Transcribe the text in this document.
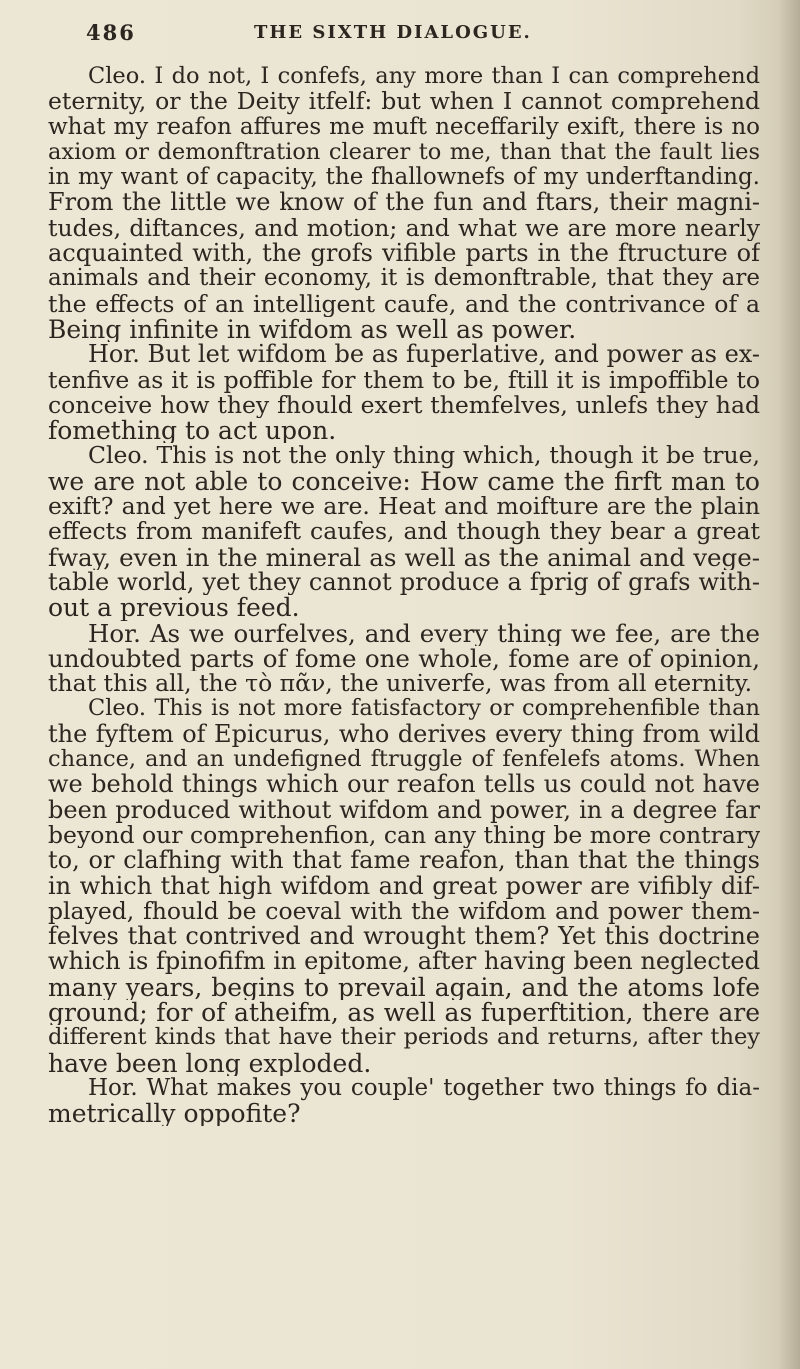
486	THE SIXTH DIALOGUE.
Cleo. I do not, I confefs, any more than I can comprehend
eternity, or the Deity itfelf: but when I cannot comprehend
what my reafon affures me muft neceffarily exift, there is no
axiom or demonftration clearer to me, than that the fault lies
in my want of capacity, the fhallownefs of my underftanding.
From the little we know of the fun and ftars, their magni-
tudes, diftances, and motion; and what we are more nearly
acquainted with, the grofs vifible parts in the ftructure of
animals and their economy, it is demonftrable, that they are
the effects of an intelligent caufe, and the contrivance of a
Being infinite in wifdom as well as power.
Hor. But let wifdom be as fuperlative, and power as ex-
tenfive as it is poffible for them to be, ftill it is impoffible to
conceive how they fhould exert themfelves, unlefs they had
fomething to act upon.
Cleo. This is not the only thing which, though it be true,
we are not able to conceive: How came the firft man to
exift? and yet here we are. Heat and moifture are the plain
effects from manifeft caufes, and though they bear a great
fway, even in the mineral as well as the animal and vege-
table world, yet they cannot produce a fprig of grafs with-
out a previous feed.
Hor. As we ourfelves, and every thing we fee, are the
undoubted parts of fome one whole, fome are of opinion,
that this all, the τὸ πᾶν, the univerfe, was from all eternity.
Cleo. This is not more fatisfactory or comprehenfible than
the fyftem of Epicurus, who derives every thing from wild
chance, and an undefigned ftruggle of fenfelefs atoms. When
we behold things which our reafon tells us could not have
been produced without wifdom and power, in a degree far
beyond our comprehenfion, can any thing be more contrary
to, or clafhing with that fame reafon, than that the things
in which that high wifdom and great power are vifibly dif-
played, fhould be coeval with the wifdom and power them-
felves that contrived and wrought them? Yet this doctrine
which is fpinofifm in epitome, after having been neglected
many years, begins to prevail again, and the atoms lofe
ground; for of atheifm, as well as fuperftition, there are
different kinds that have their periods and returns, after they
have been long exploded.
Hor. What makes you couple' together two things fo dia-
metrically oppofite?
